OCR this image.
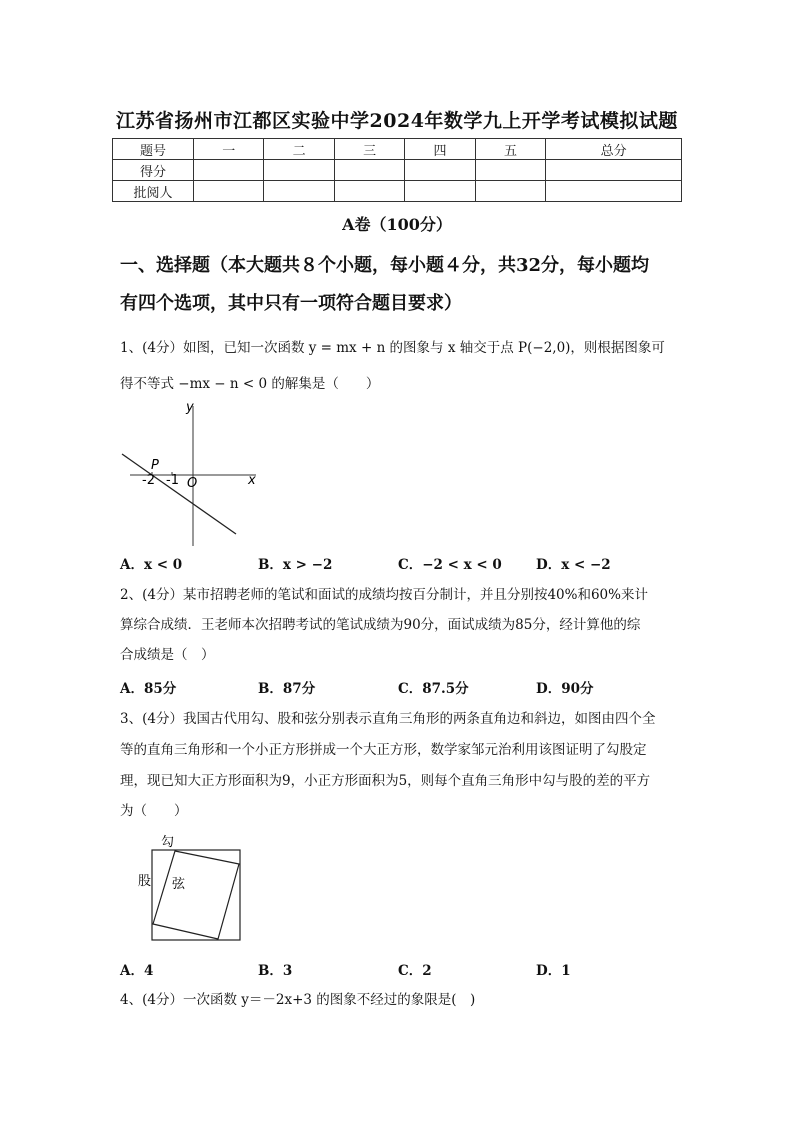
江苏省扬州市江都区实验中学2024年数学九上开学考试模拟试题
题号	一	二	三	四	五	总分
得分						
批阅人						
A卷（100分）
一、选择题（本大题共８个小题，每小题４分，共32分，每小题均
有四个选项，其中只有一项符合题目要求）
1、(4分）如图，已知一次函数 y = mx + n 的图象与 x 轴交于点 P(−2,0)，则根据图象可
得不等式 −mx − n < 0 的解集是（　　）
y
x
P
O
-2 -1
A．x < 0	B．x > −2	C．−2 < x < 0	D．x < −2
2、(4分）某市招聘老师的笔试和面试的成绩均按百分制计，并且分别按40%和60%来计
算综合成绩．王老师本次招聘考试的笔试成绩为90分，面试成绩为85分，经计算他的综
合成绩是（　）
A．85分	B．87分	C．87.5分	D．90分
3、(4分）我国古代用勾、股和弦分别表示直角三角形的两条直角边和斜边，如图由四个全
等的直角三角形和一个小正方形拼成一个大正方形，数学家邹元治利用该图证明了勾股定
理，现已知大正方形面积为9，小正方形面积为5，则每个直角三角形中勾与股的差的平方
为（　　）
勾
股 弦
A．4	B．3	C．2	D．1
4、(4分）一次函数 y＝－2x+3 的图象不经过的象限是(　)
